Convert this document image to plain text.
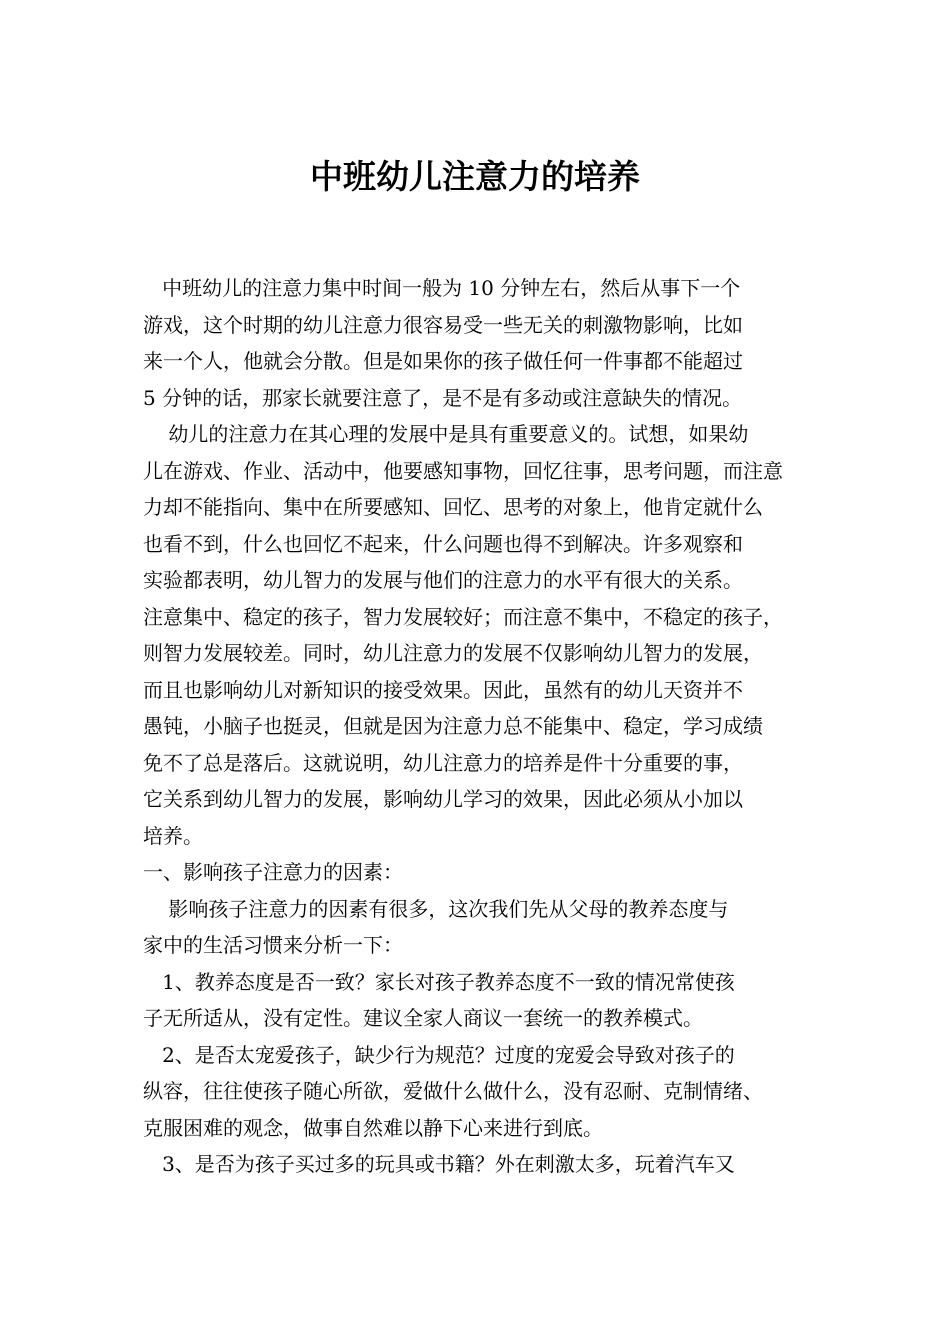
中班幼儿注意力的培养
中班幼儿的注意力集中时间一般为 10 分钟左右，然后从事下一个
游戏，这个时期的幼儿注意力很容易受一些无关的刺激物影响，比如
来一个人，他就会分散。但是如果你的孩子做任何一件事都不能超过
5 分钟的话，那家长就要注意了，是不是有多动或注意缺失的情况。
幼儿的注意力在其心理的发展中是具有重要意义的。试想，如果幼
儿在游戏、作业、活动中，他要感知事物，回忆往事，思考问题，而注意
力却不能指向、集中在所要感知、回忆、思考的对象上，他肯定就什么
也看不到，什么也回忆不起来，什么问题也得不到解决。许多观察和
实验都表明，幼儿智力的发展与他们的注意力的水平有很大的关系。
注意集中、稳定的孩子，智力发展较好；而注意不集中，不稳定的孩子，
则智力发展较差。同时，幼儿注意力的发展不仅影响幼儿智力的发展，
而且也影响幼儿对新知识的接受效果。因此，虽然有的幼儿天资并不
愚钝，小脑子也挺灵，但就是因为注意力总不能集中、稳定，学习成绩
免不了总是落后。这就说明，幼儿注意力的培养是件十分重要的事，
它关系到幼儿智力的发展，影响幼儿学习的效果，因此必须从小加以
培养。
一、影响孩子注意力的因素：
影响孩子注意力的因素有很多，这次我们先从父母的教养态度与
家中的生活习惯来分析一下：
1、教养态度是否一致？家长对孩子教养态度不一致的情况常使孩
子无所适从，没有定性。建议全家人商议一套统一的教养模式。
2、是否太宠爱孩子，缺少行为规范？过度的宠爱会导致对孩子的
纵容，往往使孩子随心所欲，爱做什么做什么，没有忍耐、克制情绪、
克服困难的观念，做事自然难以静下心来进行到底。
3、是否为孩子买过多的玩具或书籍？外在刺激太多，玩着汽车又
